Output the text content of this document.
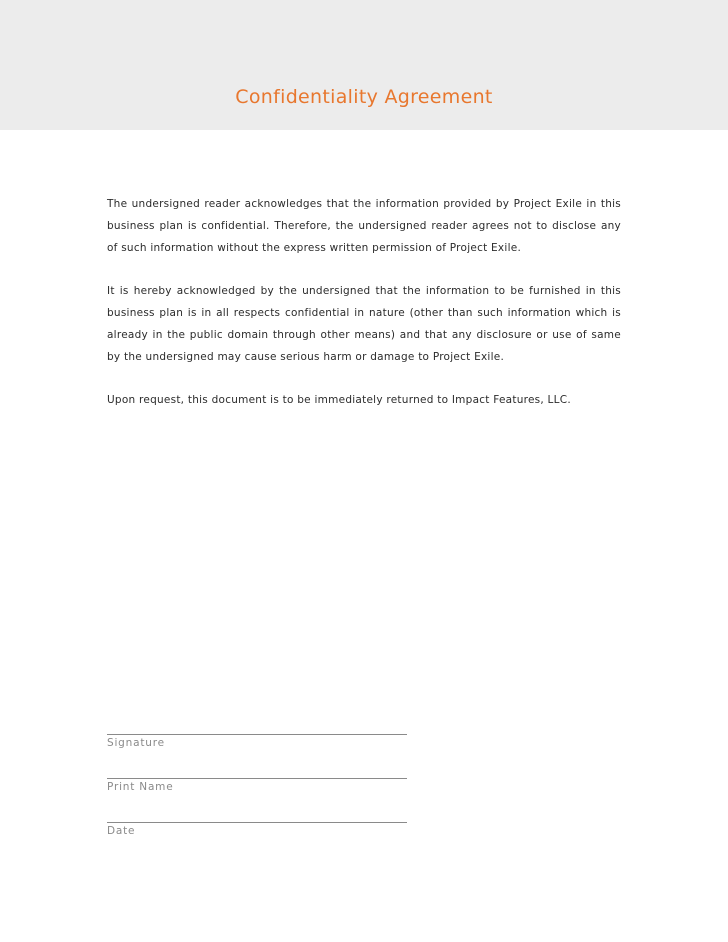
Confidentiality Agreement

The undersigned reader acknowledges that the information provided by Project Exile in this business plan is confidential. Therefore, the undersigned reader agrees not to disclose any of such information without the express written permission of Project Exile.

It is hereby acknowledged by the undersigned that the information to be furnished in this business plan is in all respects confidential in nature (other than such information which is already in the public domain through other means) and that any disclosure or use of same by the undersigned may cause serious harm or damage to Project Exile.

Upon request, this document is to be immediately returned to Impact Features, LLC.

Signature
Print Name
Date
